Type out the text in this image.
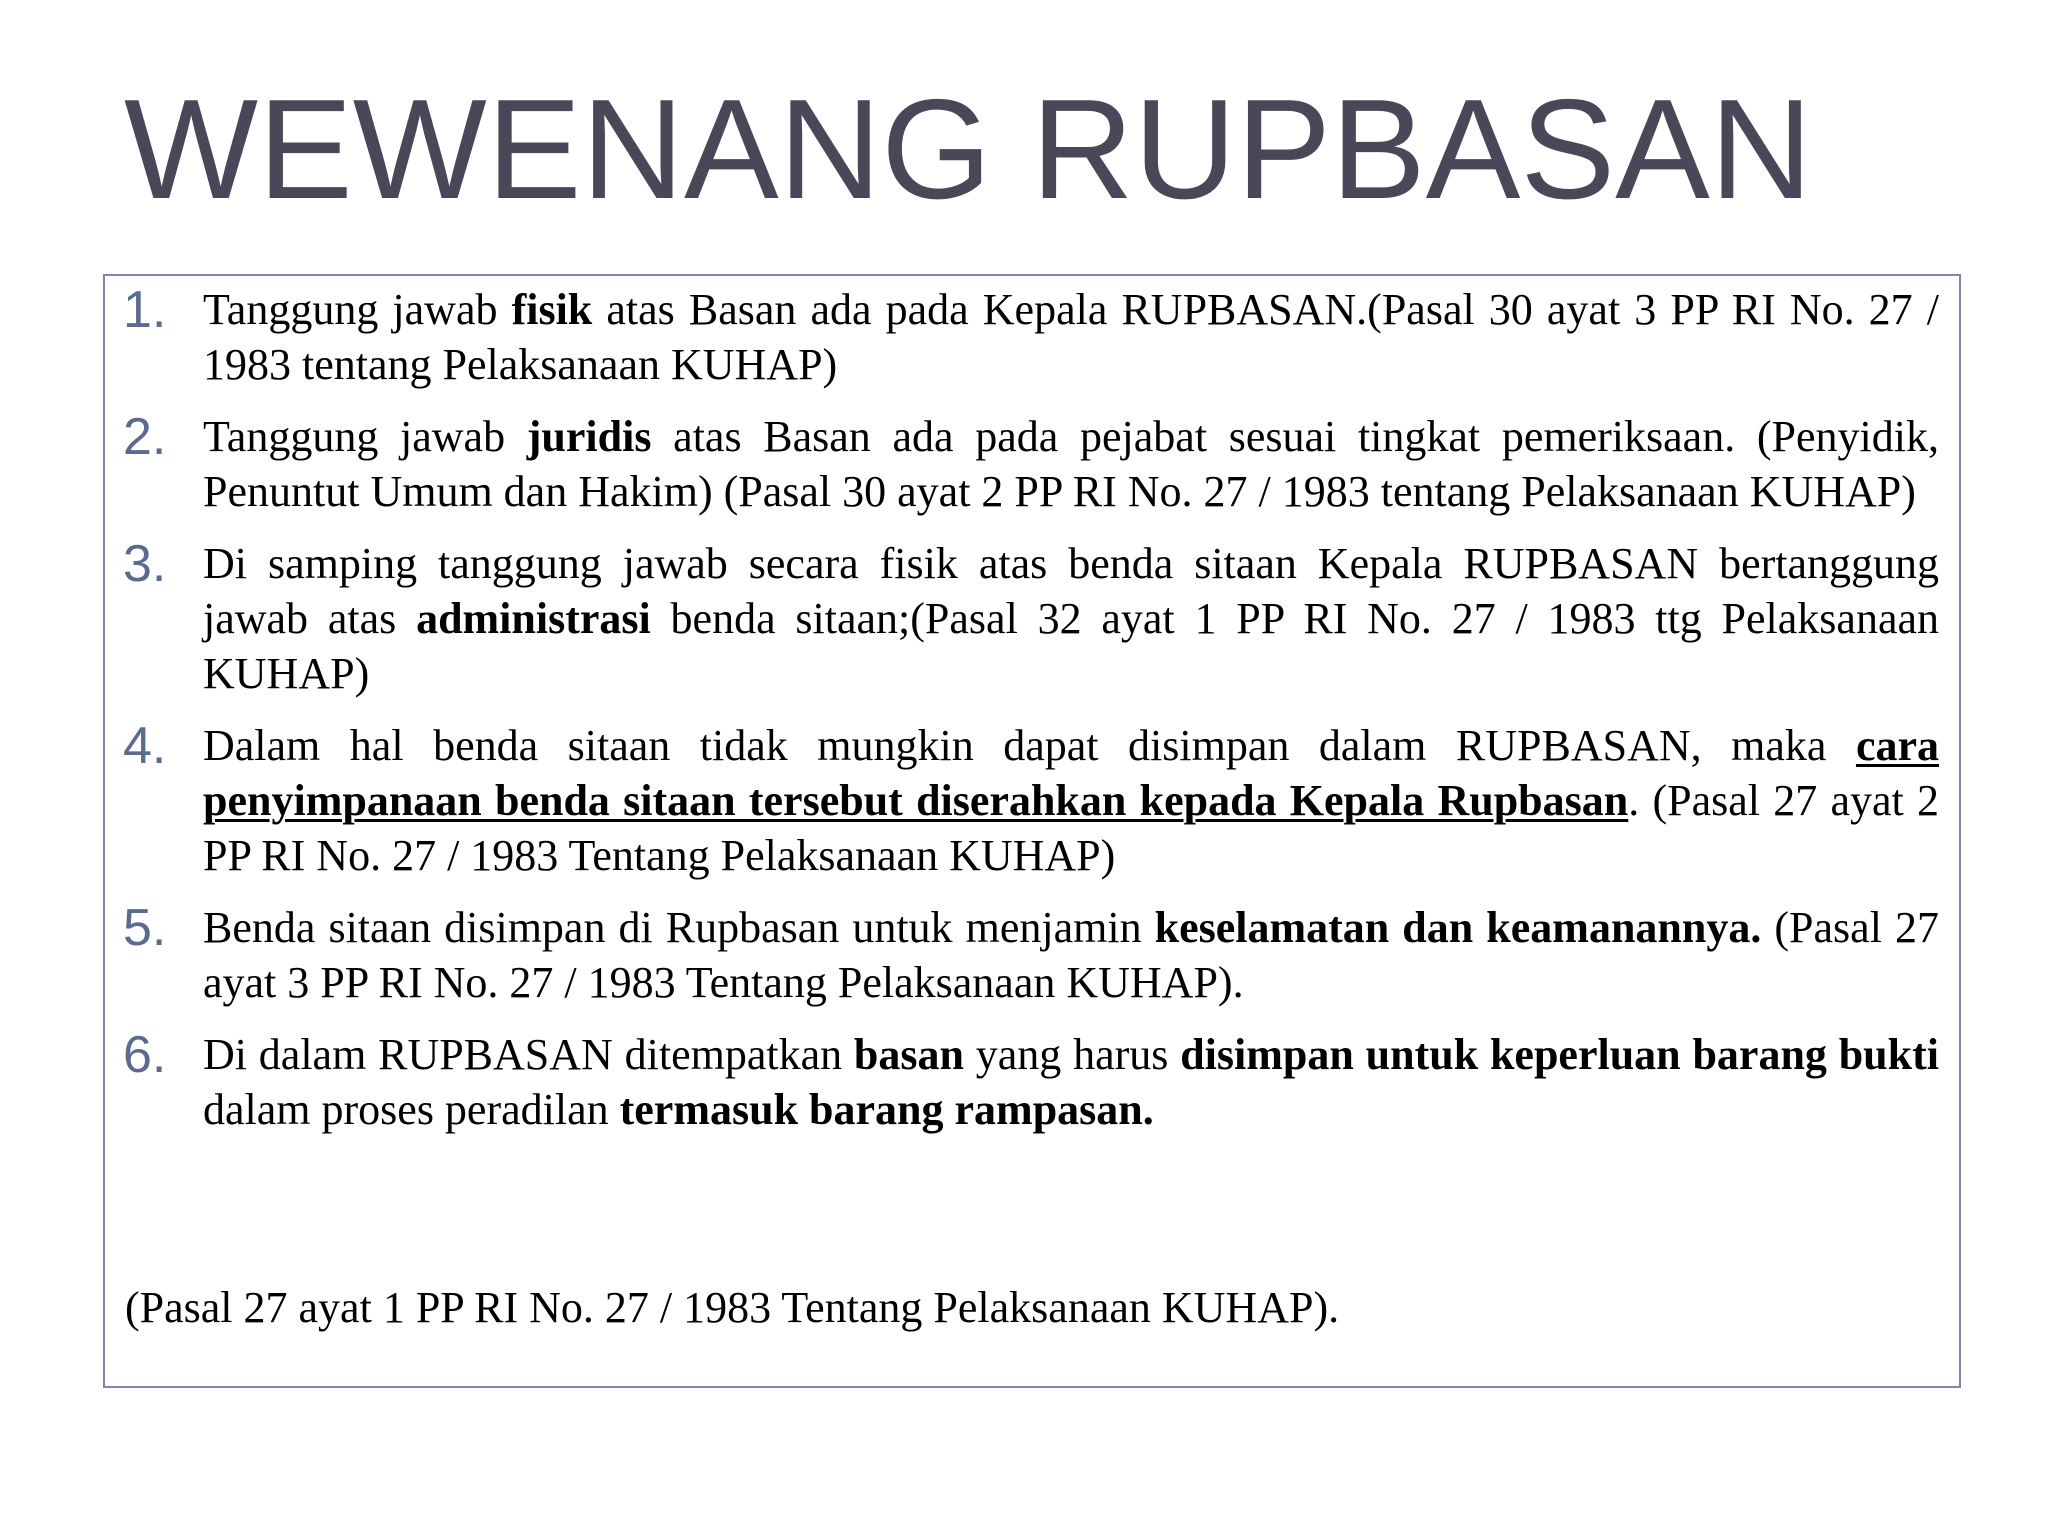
WEWENANG RUPBASAN
1. Tanggung jawab fisik atas Basan ada pada Kepala RUPBASAN.(Pasal 30 ayat 3 PP RI No. 27 / 1983 tentang Pelaksanaan KUHAP)
2. Tanggung jawab juridis atas Basan ada pada pejabat sesuai tingkat pemeriksaan. (Penyidik, Penuntut Umum dan Hakim) (Pasal 30 ayat 2 PP RI No. 27 / 1983 tentang Pelaksanaan KUHAP)
3. Di samping tanggung jawab secara fisik atas benda sitaan Kepala RUPBASAN bertanggung jawab atas administrasi benda sitaan;(Pasal 32 ayat 1 PP RI No. 27 / 1983 ttg Pelaksanaan KUHAP)
4. Dalam hal benda sitaan tidak mungkin dapat disimpan dalam RUPBASAN, maka cara penyimpanaan benda sitaan tersebut diserahkan kepada Kepala Rupbasan. (Pasal 27 ayat 2 PP RI No. 27 / 1983 Tentang Pelaksanaan KUHAP)
5. Benda sitaan disimpan di Rupbasan untuk menjamin keselamatan dan keamanannya. (Pasal 27 ayat 3 PP RI No. 27 / 1983 Tentang Pelaksanaan KUHAP).
6. Di dalam RUPBASAN ditempatkan basan yang harus disimpan untuk keperluan barang bukti dalam proses peradilan termasuk barang rampasan.

(Pasal 27 ayat 1 PP RI No. 27 / 1983 Tentang Pelaksanaan KUHAP).
